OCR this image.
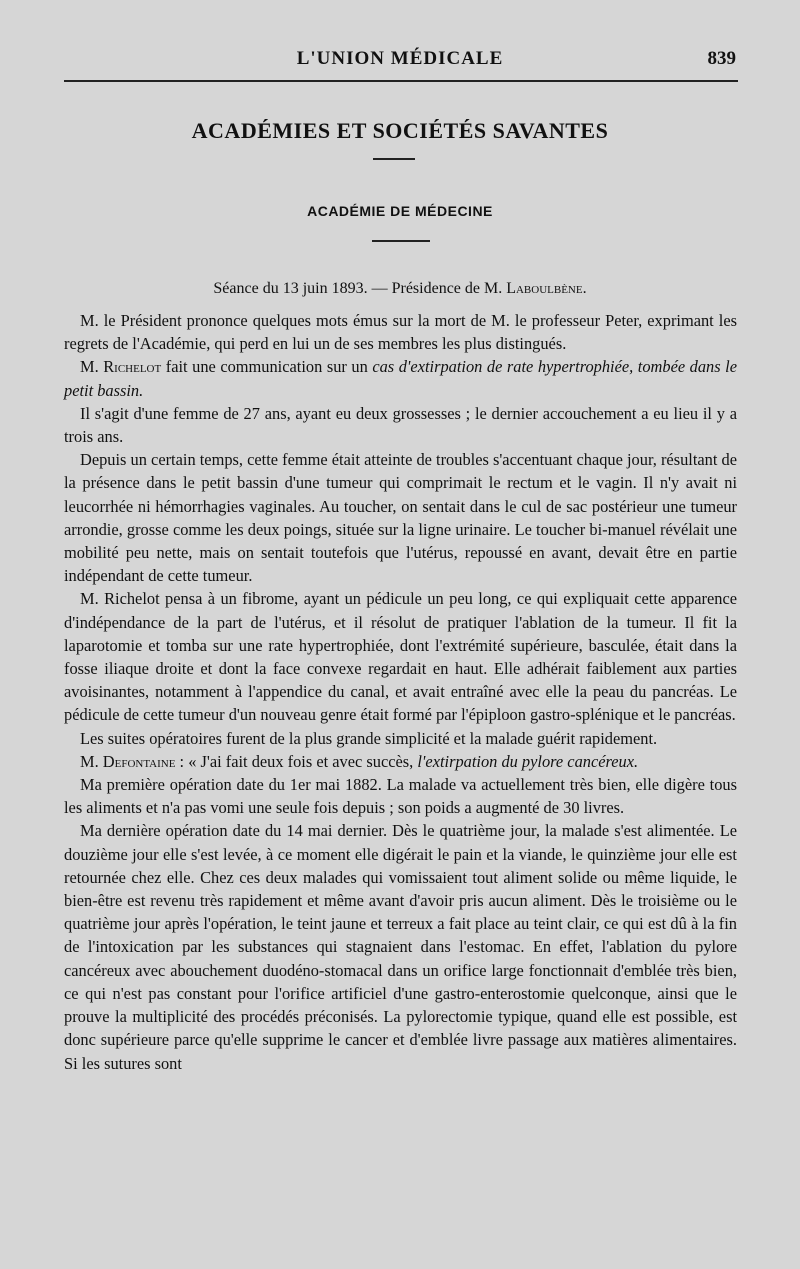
L'UNION MÉDICALE	839
ACADÉMIES ET SOCIÉTÉS SAVANTES
ACADÉMIE DE MÉDECINE
Séance du 13 juin 1893. — Présidence de M. Laboulbène.

M. le Président prononce quelques mots émus sur la mort de M. le professeur Peter, exprimant les regrets de l'Académie, qui perd en lui un de ses membres les plus distingués.

M. Richelot fait une communication sur un cas d'extirpation de rate hypertrophiée, tombée dans le petit bassin.

Il s'agit d'une femme de 27 ans, ayant eu deux grossesses ; le dernier accouchement a eu lieu il y a trois ans.

Depuis un certain temps, cette femme était atteinte de troubles s'accentuant chaque jour, résultant de la présence dans le petit bassin d'une tumeur qui comprimait le rectum et le vagin. Il n'y avait ni leucorrhée ni hémorrhagies vaginales. Au toucher, on sentait dans le cul de sac postérieur une tumeur arrondie, grosse comme les deux poings, située sur la ligne urinaire. Le toucher bi-manuel révélait une mobilité peu nette, mais on sentait toutefois que l'utérus, repoussé en avant, devait être en partie indépendant de cette tumeur.

M. Richelot pensa à un fibrome, ayant un pédicule un peu long, ce qui expliquait cette apparence d'indépendance de la part de l'utérus, et il résolut de pratiquer l'ablation de la tumeur. Il fit la laparotomie et tomba sur une rate hypertrophiée, dont l'extrémité supérieure, basculée, était dans la fosse iliaque droite et dont la face convexe regardait en haut. Elle adhérait faiblement aux parties avoisinantes, notamment à l'appendice du canal, et avait entraîné avec elle la peau du pancréas. Le pédicule de cette tumeur d'un nouveau genre était formé par l'épiploon gastro-splénique et le pancréas.

Les suites opératoires furent de la plus grande simplicité et la malade guérit rapidement.

M. Defontaine : « J'ai fait deux fois et avec succès, l'extirpation du pylore cancéreux.

Ma première opération date du 1er mai 1882. La malade va actuellement très bien, elle digère tous les aliments et n'a pas vomi une seule fois depuis ; son poids a augmenté de 30 livres.

Ma dernière opération date du 14 mai dernier. Dès le quatrième jour, la malade s'est alimentée. Le douzième jour elle s'est levée, à ce moment elle digérait le pain et la viande, le quinzième jour elle est retournée chez elle. Chez ces deux malades qui vomissaient tout aliment solide ou même liquide, le bien-être est revenu très rapidement et même avant d'avoir pris aucun aliment. Dès le troisième ou le quatrième jour après l'opération, le teint jaune et terreux a fait place au teint clair, ce qui est dû à la fin de l'intoxication par les substances qui stagnaient dans l'estomac. En effet, l'ablation du pylore cancéreux avec abouchement duodéno-stomacal dans un orifice large fonctionnait d'emblée très bien, ce qui n'est pas constant pour l'orifice artificiel d'une gastro-enterostomie quelconque, ainsi que le prouve la multiplicité des procédés préconisés. La pylorectomie typique, quand elle est possible, est donc supérieure parce qu'elle supprime le cancer et d'emblée livre passage aux matières alimentaires. Si les sutures sont
